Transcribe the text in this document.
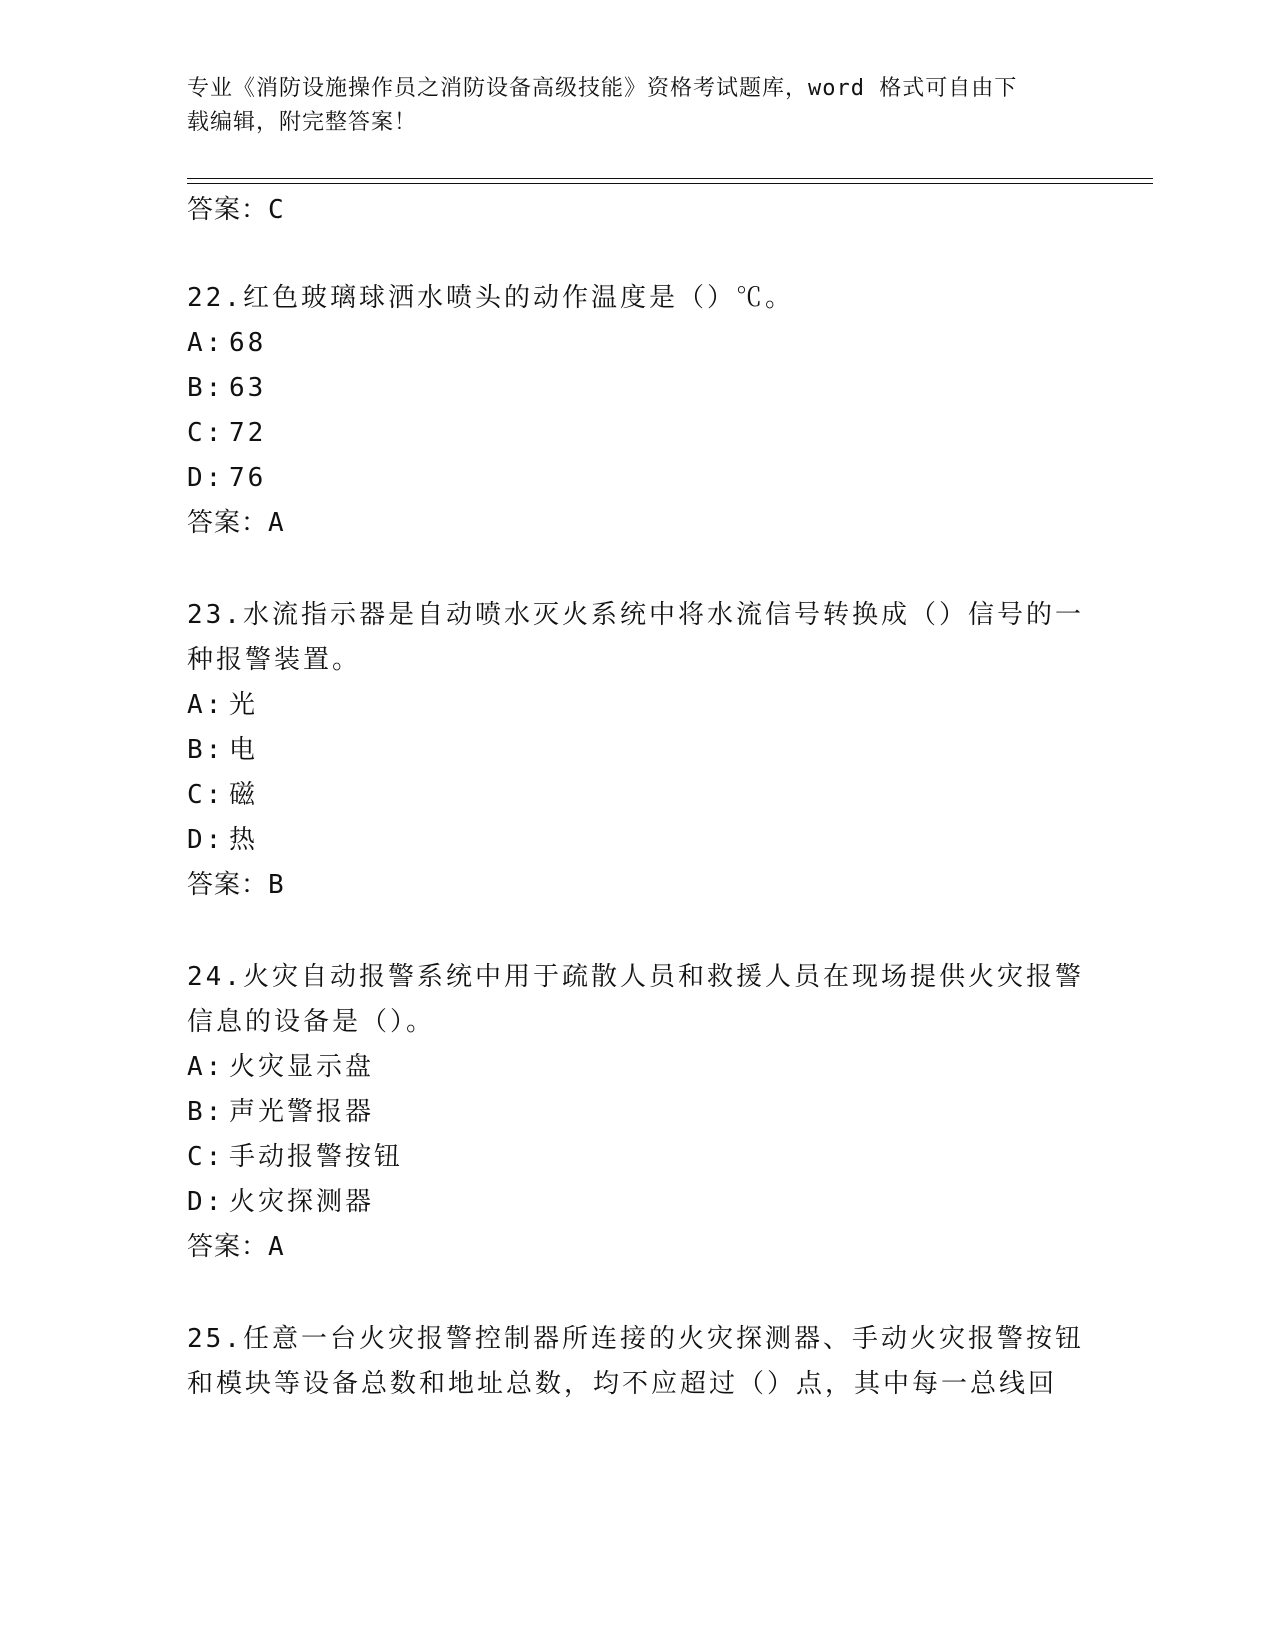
专业《消防设施操作员之消防设备高级技能》资格考试题库，word 格式可自由下
载编辑，附完整答案！
答案：C
22.红色玻璃球洒水喷头的动作温度是（）℃。
A: 68
B: 63
C: 72
D: 76
答案：A
23.水流指示器是自动喷水灭火系统中将水流信号转换成（）信号的一
种报警装置。
A: 光
B: 电
C: 磁
D: 热
答案：B
24.火灾自动报警系统中用于疏散人员和救援人员在现场提供火灾报警
信息的设备是（）。
A: 火灾显示盘
B: 声光警报器
C: 手动报警按钮
D: 火灾探测器
答案：A
25.任意一台火灾报警控制器所连接的火灾探测器、手动火灾报警按钮
和模块等设备总数和地址总数，均不应超过（）点，其中每一总线回
